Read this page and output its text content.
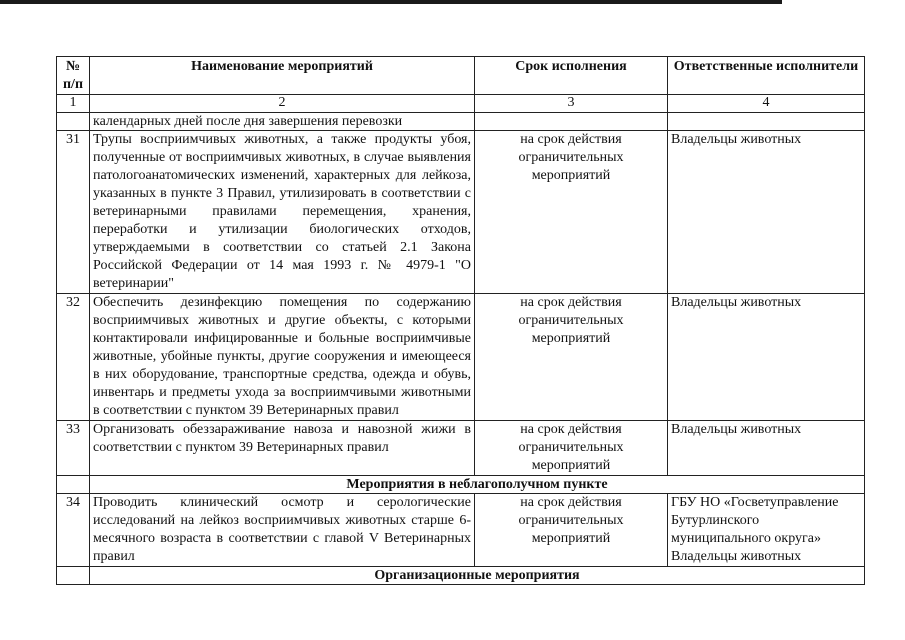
№ п/п	Наименование мероприятий	Срок исполнения	Ответственные исполнители
1	2	3	4
	календарных дней после дня завершения перевозки		
31	Трупы восприимчивых животных, а также продукты убоя, полученные от восприимчивых животных, в случае выявления патологоанатомических изменений, характерных для лейкоза, указанных в пункте 3 Правил, утилизировать в соответствии с ветеринарными правилами перемещения, хранения, переработки и утилизации биологических отходов, утверждаемыми в соответствии со статьей 2.1 Закона Российской Федерации от 14 мая 1993 г. № 4979-1 "О ветеринарии"	на срок действия ограничительных мероприятий	Владельцы животных
32	Обеспечить дезинфекцию помещения по содержанию восприимчивых животных и другие объекты, с которыми контактировали инфицированные и больные восприимчивые животные, убойные пункты, другие сооружения и имеющееся в них оборудование, транспортные средства, одежда и обувь, инвентарь и предметы ухода за восприимчивыми животными в соответствии с пунктом 39 Ветеринарных правил	на срок действия ограничительных мероприятий	Владельцы животных
33	Организовать обеззараживание навоза и навозной жижи в соответствии с пунктом 39 Ветеринарных правил	на срок действия ограничительных мероприятий	Владельцы животных
	Мероприятия в неблагополучном пункте		
34	Проводить клинический осмотр и серологические исследований на лейкоз восприимчивых животных старше 6-месячного возраста в соответствии с главой V Ветеринарных правил	на срок действия ограничительных мероприятий	ГБУ НО «Госветуправление
Бутурлинского
муниципального округа»
Владельцы животных

	Организационные мероприятия		
